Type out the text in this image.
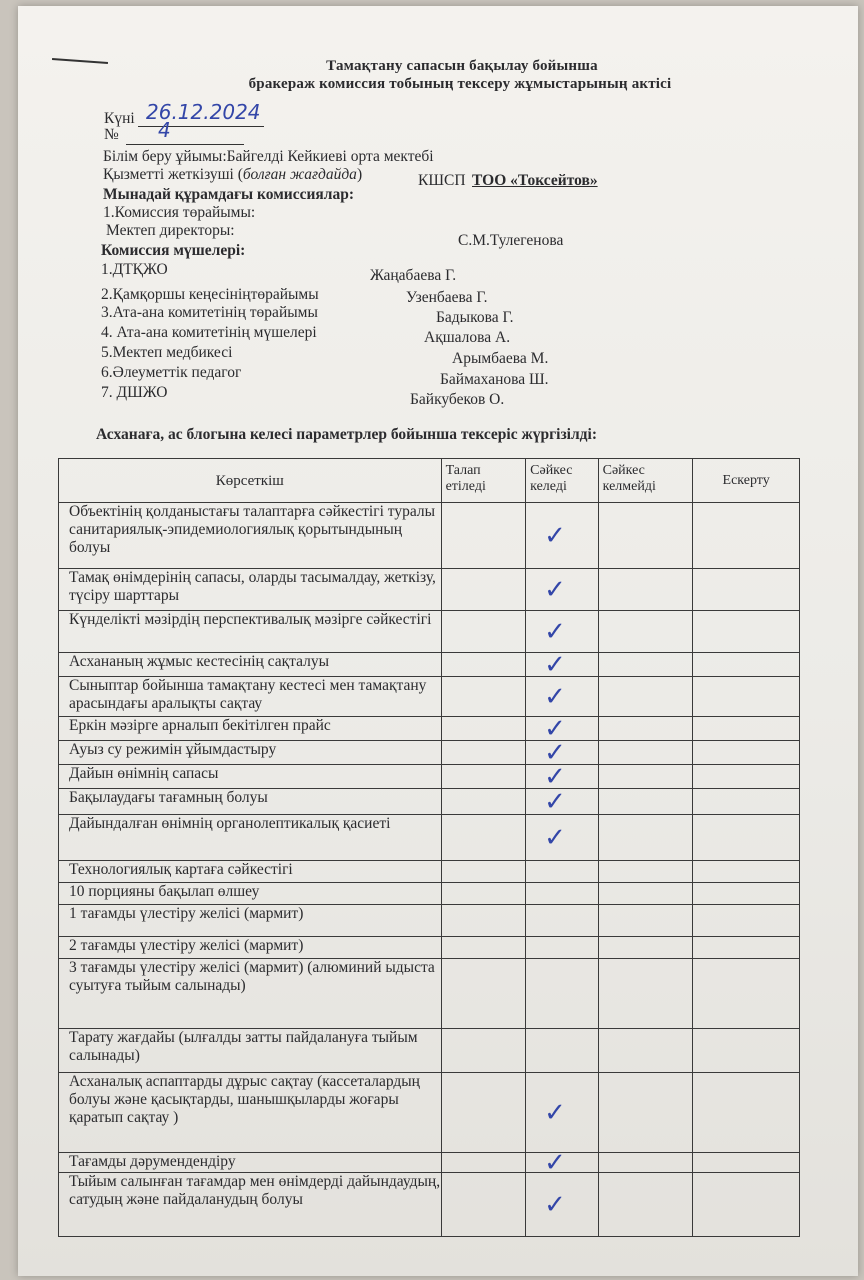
Тамақтану сапасын бақылау бойынша
бракераж комиссия тобының тексеру жұмыстарының актісі
Күні 26.12.2024
№ 4
Білім беру ұйымы:Байгелді Кейкиеві орта мектебі
Қызметті жеткізуші (болған жағдайда)	КШСП ТОО «Токсейтов»
Мынадай құрамдағы комиссиялар:
1.Комиссия төрайымы:
Мектеп директоры:
С.М.Тулегенова
Комиссия мүшелері:
1.ДТҚЖО	Жаңабаева Г.
2.Қамқоршы кеңесініңтөрайымы	Узенбаева Г.
3.Ата-ана комитетінің төрайымы	Бадыкова Г.
4. Ата-ана комитетінің мүшелері	Ақшалова А.
5.Мектеп медбикесі	Арымбаева М.
6.Әлеуметтік педагог	Баймаханова Ш.
7. ДШЖО	Байкубеков О.
Асханаға, ас блогына келесі параметрлер бойынша тексеріс жүргізілді:
Көрсеткіш	Талап етіледі	Сәйкес келеді	Сәйкес келмейді	Ескерту
Объектінің қолданыстағы талаптарға сәйкестігі туралы санитариялық-эпидемиологиялық қорытындының болуы		✓		

Тамақ өнімдерінің сапасы, оларды тасымалдау, жеткізу, түсіру шарттары		✓		

Күнделікті мәзірдің перспективалық мәзірге сәйкестігі		✓		

Асхананың жұмыс кестесінің сақталуы		✓		

Сыныптар бойынша тамақтану кестесі мен тамақтану арасындағы аралықты сақтау		✓		

Еркін мәзірге арналып бекітілген прайс		✓		

Ауыз су режимін ұйымдастыру		✓		

Дайын өнімнің сапасы		✓		

Бақылаудағы тағамның болуы		✓		

Дайындалған өнімнің органолептикалық қасиеті		✓		

Технологиялық картаға сәйкестігі		

10 порцияны бақылап өлшеу		

1 тағамды үлестіру желісі (мармит)		

2 тағамды үлестіру желісі (мармит)		

3 тағамды үлестіру желісі (мармит) (алюминий ыдыста суытуға тыйым салынады)		

Тарату жағдайы (ылғалды затты пайдалануға тыйым салынады)		

Асханалық аспаптарды дұрыс сақтау (кассеталардың болуы және қасықтарды, шанышқыларды жоғары қаратып сақтау )		✓		

Тағамды дәрумендендіру		✓		

Тыйым салынған тағамдар мен өнімдерді дайындаудың, сатудың және пайдаланудың болуы		✓		
